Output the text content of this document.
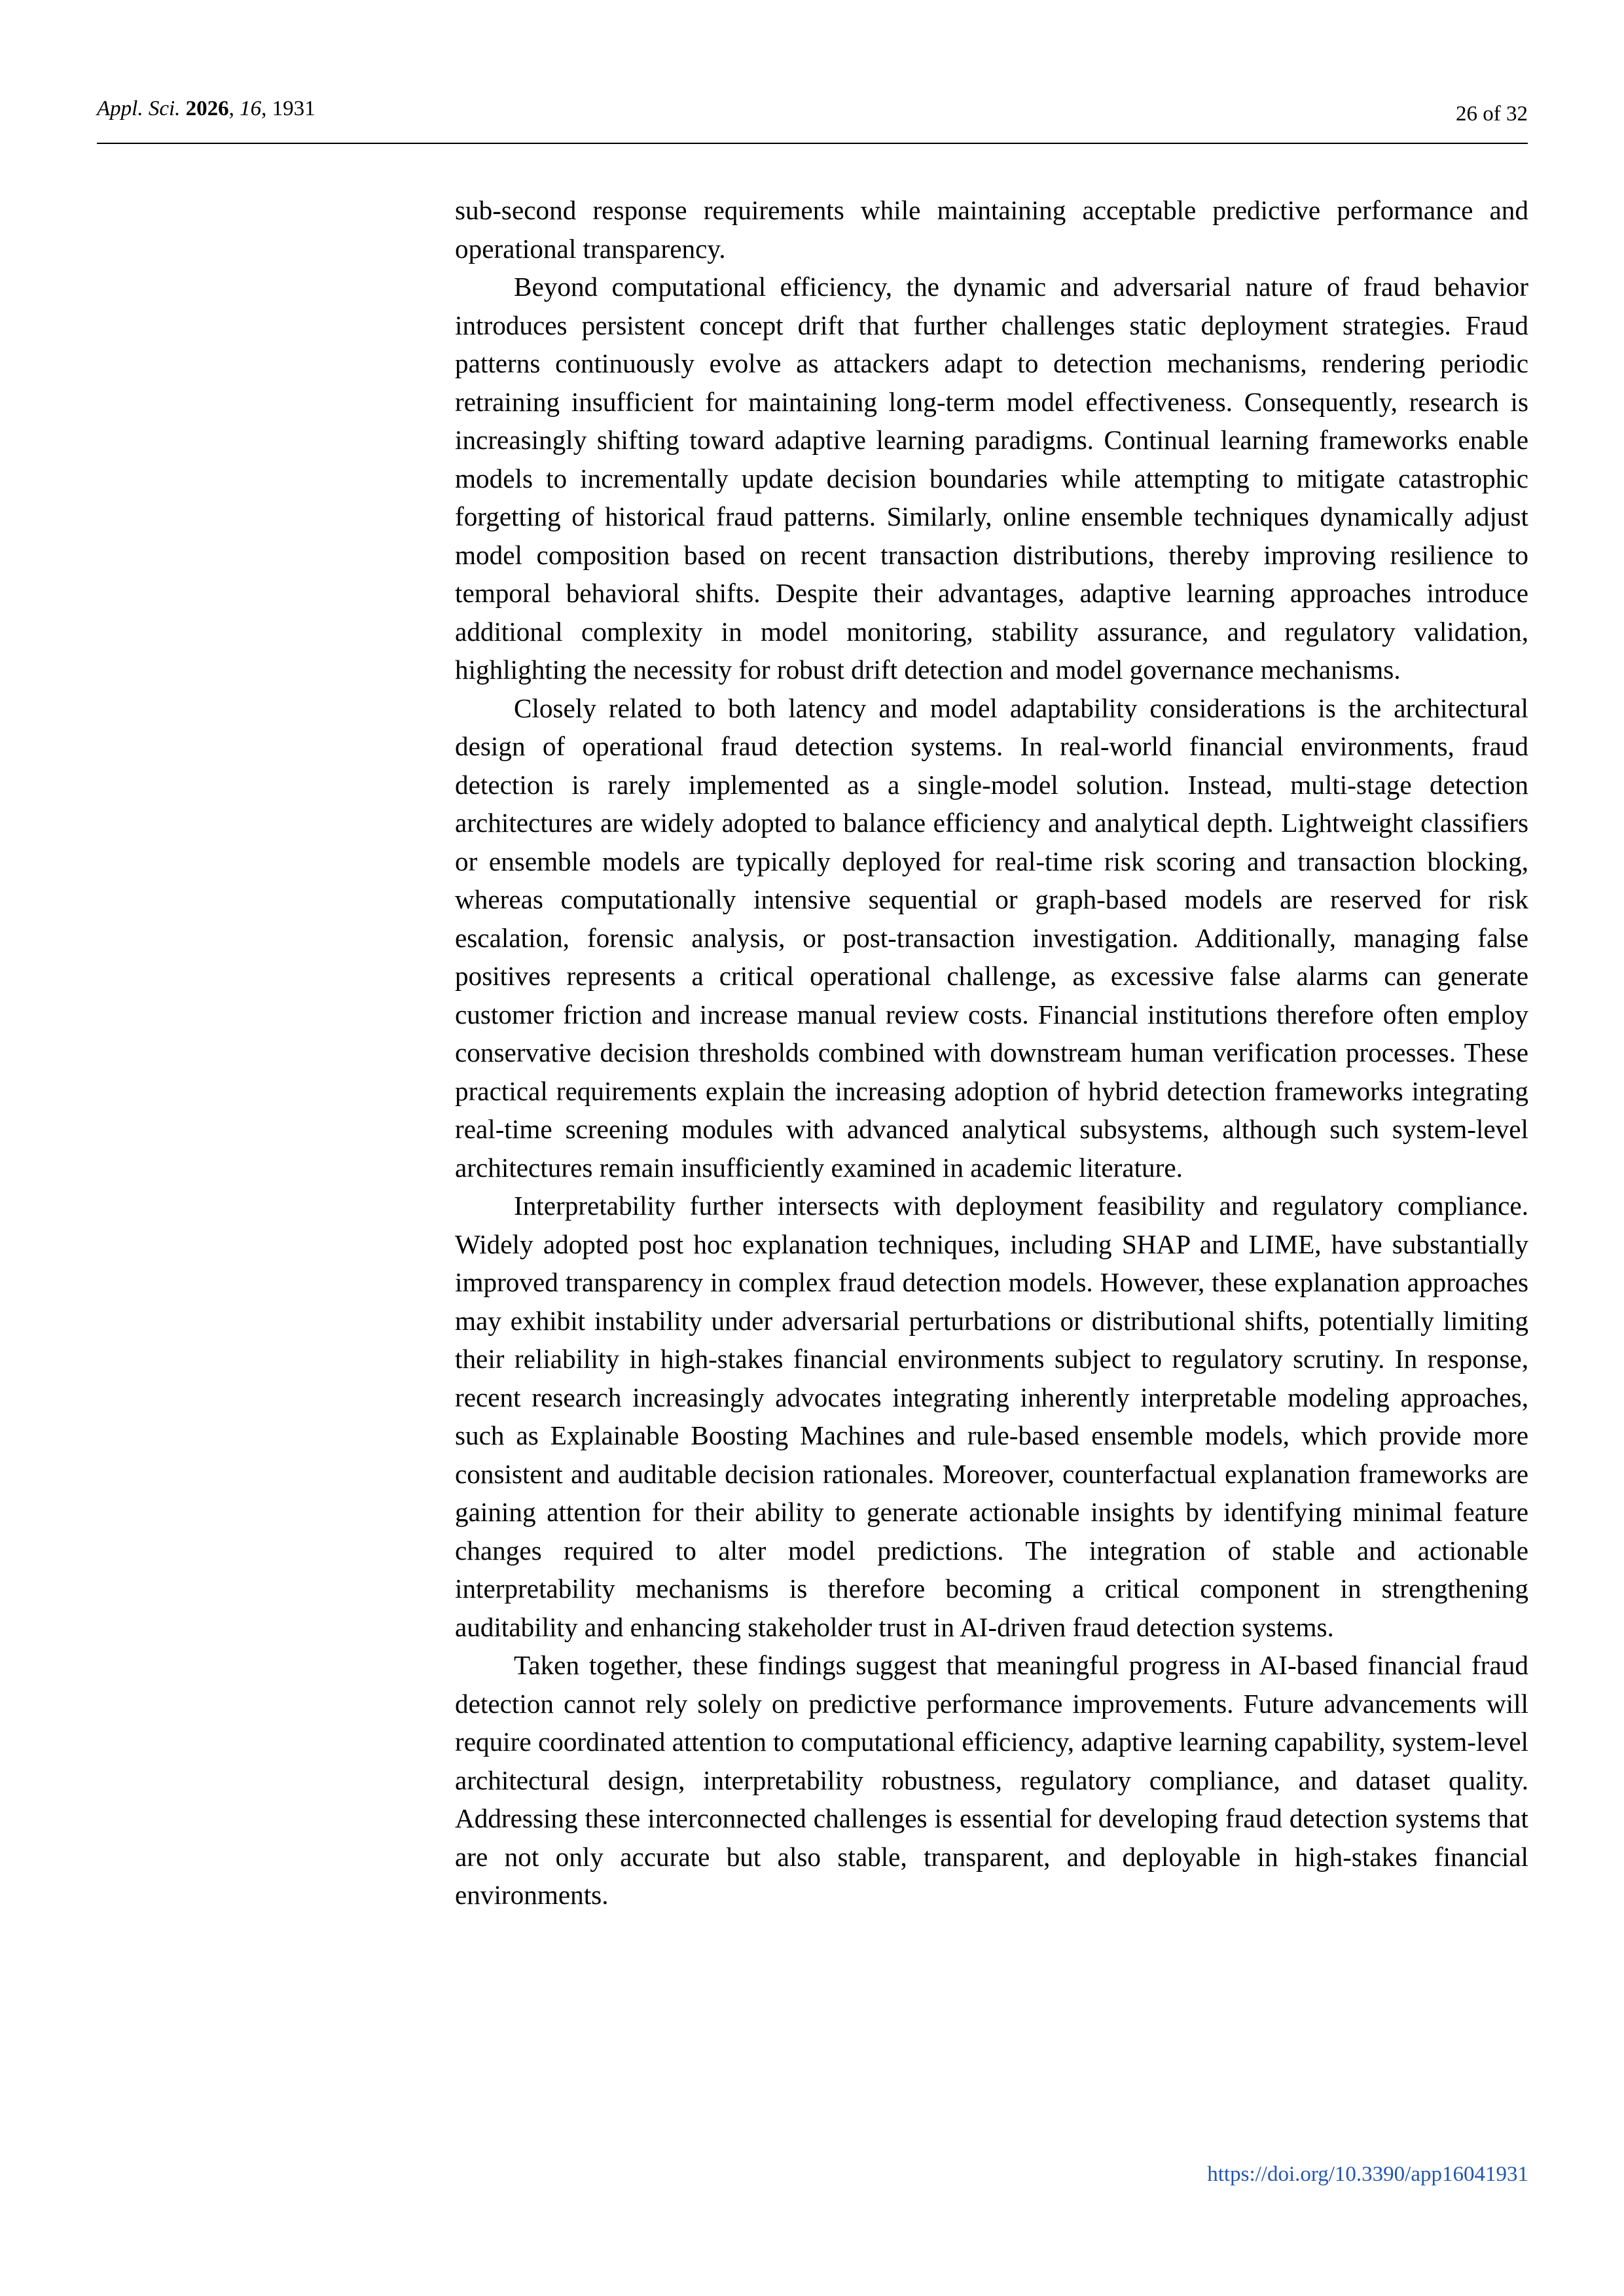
Appl. Sci. 2026, 16, 1931	26 of 32

sub-second response requirements while maintaining acceptable predictive performance and operational transparency.

Beyond computational efficiency, the dynamic and adversarial nature of fraud behavior introduces persistent concept drift that further challenges static deployment strategies. Fraud patterns continuously evolve as attackers adapt to detection mechanisms, rendering periodic retraining insufficient for maintaining long-term model effectiveness. Consequently, research is increasingly shifting toward adaptive learning paradigms. Continual learning frameworks enable models to incrementally update decision boundaries while attempting to mitigate catastrophic forgetting of historical fraud patterns. Similarly, online ensemble techniques dynamically adjust model composition based on recent transaction distributions, thereby improving resilience to temporal behavioral shifts. Despite their advantages, adaptive learning approaches introduce additional complexity in model monitoring, stability assurance, and regulatory validation, highlighting the necessity for robust drift detection and model governance mechanisms.

Closely related to both latency and model adaptability considerations is the architectural design of operational fraud detection systems. In real-world financial environments, fraud detection is rarely implemented as a single-model solution. Instead, multi-stage detection architectures are widely adopted to balance efficiency and analytical depth. Lightweight classifiers or ensemble models are typically deployed for real-time risk scoring and transaction blocking, whereas computationally intensive sequential or graph-based models are reserved for risk escalation, forensic analysis, or post-transaction investigation. Additionally, managing false positives represents a critical operational challenge, as excessive false alarms can generate customer friction and increase manual review costs. Financial institutions therefore often employ conservative decision thresholds combined with downstream human verification processes. These practical requirements explain the increasing adoption of hybrid detection frameworks integrating real-time screening modules with advanced analytical subsystems, although such system-level architectures remain insufficiently examined in academic literature.

Interpretability further intersects with deployment feasibility and regulatory compliance. Widely adopted post hoc explanation techniques, including SHAP and LIME, have substantially improved transparency in complex fraud detection models. However, these explanation approaches may exhibit instability under adversarial perturbations or distributional shifts, potentially limiting their reliability in high-stakes financial environments subject to regulatory scrutiny. In response, recent research increasingly advocates integrating inherently interpretable modeling approaches, such as Explainable Boosting Machines and rule-based ensemble models, which provide more consistent and auditable decision rationales. Moreover, counterfactual explanation frameworks are gaining attention for their ability to generate actionable insights by identifying minimal feature changes required to alter model predictions. The integration of stable and actionable interpretability mechanisms is therefore becoming a critical component in strengthening auditability and enhancing stakeholder trust in AI-driven fraud detection systems.

Taken together, these findings suggest that meaningful progress in AI-based financial fraud detection cannot rely solely on predictive performance improvements. Future advancements will require coordinated attention to computational efficiency, adaptive learning capability, system-level architectural design, interpretability robustness, regulatory compliance, and dataset quality. Addressing these interconnected challenges is essential for developing fraud detection systems that are not only accurate but also stable, transparent, and deployable in high-stakes financial environments.

https://doi.org/10.3390/app16041931
